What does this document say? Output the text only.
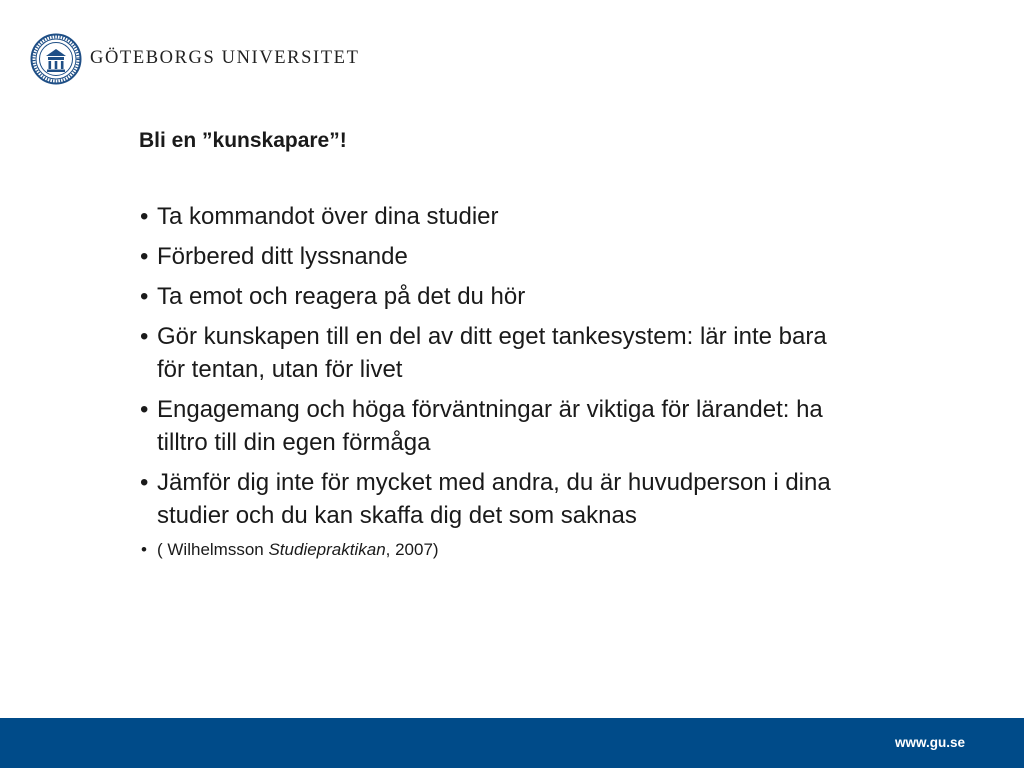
GÖTEBORGS UNIVERSITET
Bli en ”kunskapare”!
• Ta kommandot över dina studier
• Förbered ditt lyssnande
• Ta emot och reagera på det du hör
• Gör kunskapen till en del av ditt eget tankesystem: lär inte bara för tentan, utan för livet
• Engagemang och höga förväntningar är viktiga för lärandet: ha tilltro till din egen förmåga
• Jämför dig inte för mycket med andra, du är huvudperson i dina studier och du kan skaffa dig det som saknas
• ( Wilhelmsson Studiepraktikan, 2007)
www.gu.se
